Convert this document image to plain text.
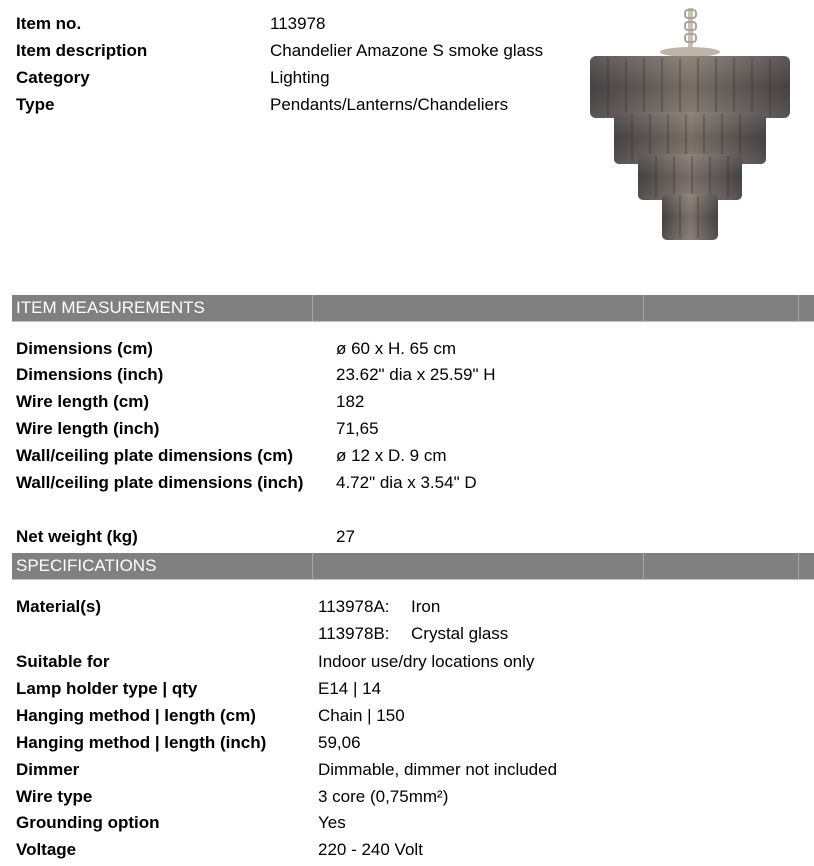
Item no.	113978
Item description	Chandelier Amazone S smoke glass
Category	Lighting
Type	Pendants/Lanterns/Chandeliers
ITEM MEASUREMENTS
Dimensions (cm)	ø 60 x H. 65 cm
Dimensions (inch)	23.62" dia x 25.59" H
Wire length (cm)	182
Wire length (inch)	71,65
Wall/ceiling plate dimensions (cm)	ø 12 x D. 9 cm
Wall/ceiling plate dimensions (inch) 4.72" dia x 3.54" D
Net weight (kg)	27
SPECIFICATIONS
Material(s)	113978A: Iron
113978B: Crystal glass
Suitable for	Indoor use/dry locations only
Lamp holder type | qty	E14 | 14
Hanging method | length (cm)	Chain | 150
Hanging method | length (inch)	59,06
Dimmer	Dimmable, dimmer not included
Wire type	3 core (0,75mm²)
Grounding option	Yes
Voltage	220 - 240 Volt
